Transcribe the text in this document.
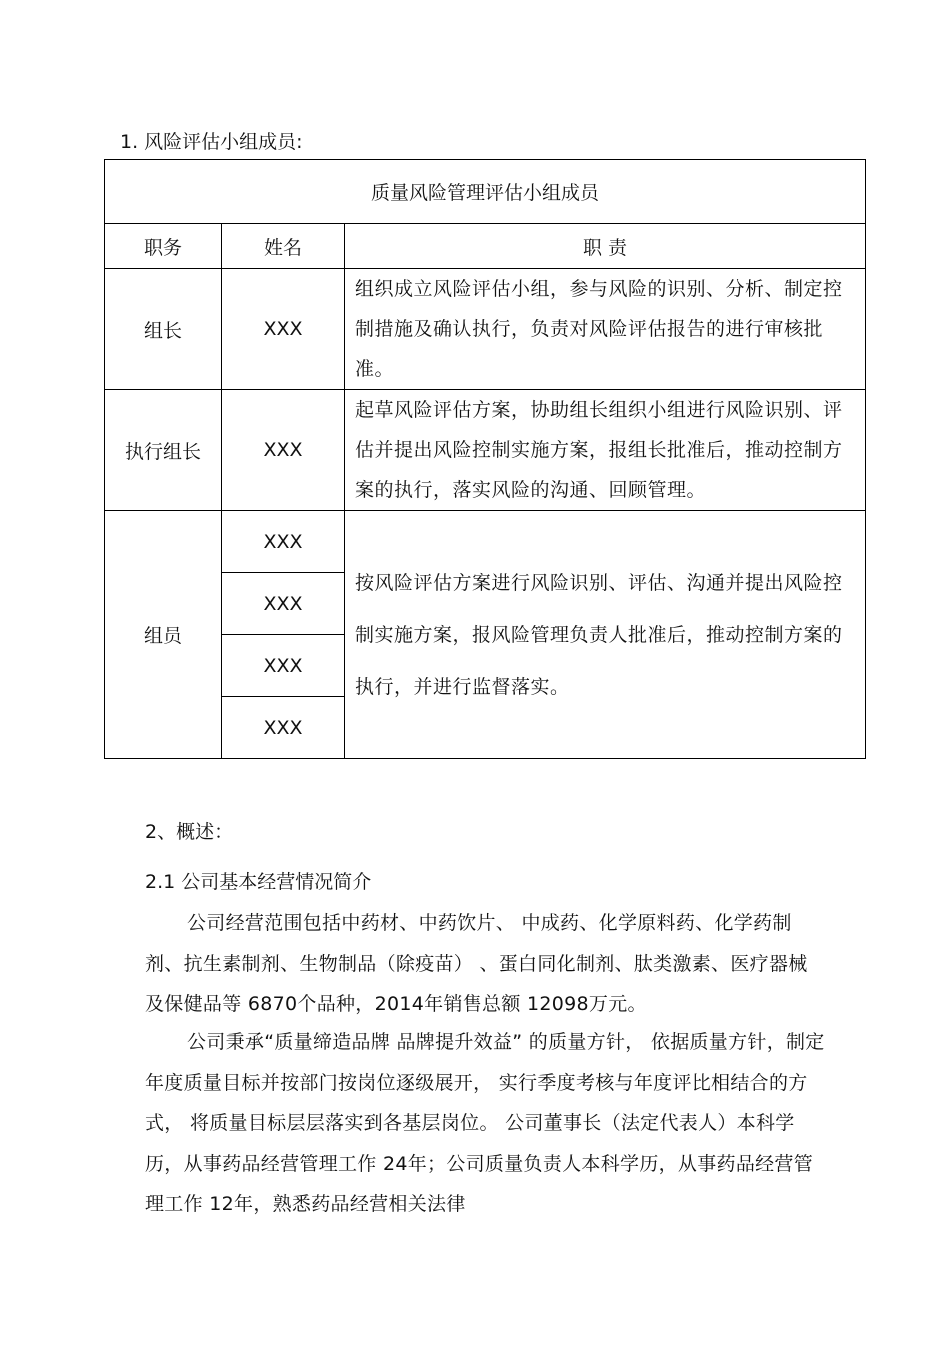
1. 风险评估小组成员:
质量风险管理评估小组成员		
职务	姓名	职 责
组长	XXX	组织成立风险评估小组，参与风险的识别、分析、制定控制措施及确认执行，负责对风险评估报告的进行审核批准。
执行组长	XXX	起草风险评估方案，协助组长组织小组进行风险识别、评估并提出风险控制实施方案，报组长批准后，推动控制方案的执行，落实风险的沟通、回顾管理。
组员	XXX	按风险评估方案进行风险识别、评估、沟通并提出风险控制实施方案，报风险管理负责人批准后，推动控制方案的执行，并进行监督落实。
	XXX	
	XXX	
	XXX	
2、概述：
2.1 公司基本经营情况简介
公司经营范围包括中药材、中药饮片、 中成药、化学原料药、化学药制剂、抗生素制剂、生物制品（除疫苗） 、蛋白同化制剂、肽类激素、医疗器械及保健品等 6870个品种，2014年销售总额 12098万元。
公司秉承“质量缔造品牌 品牌提升效益” 的质量方针， 依据质量方针，制定年度质量目标并按部门按岗位逐级展开， 实行季度考核与年度评比相结合的方式， 将质量目标层层落实到各基层岗位。 公司董事长（法定代表人）本科学历，从事药品经营管理工作 24年；公司质量负责人本科学历，从事药品经营管理工作 12年，熟悉药品经营相关法律
